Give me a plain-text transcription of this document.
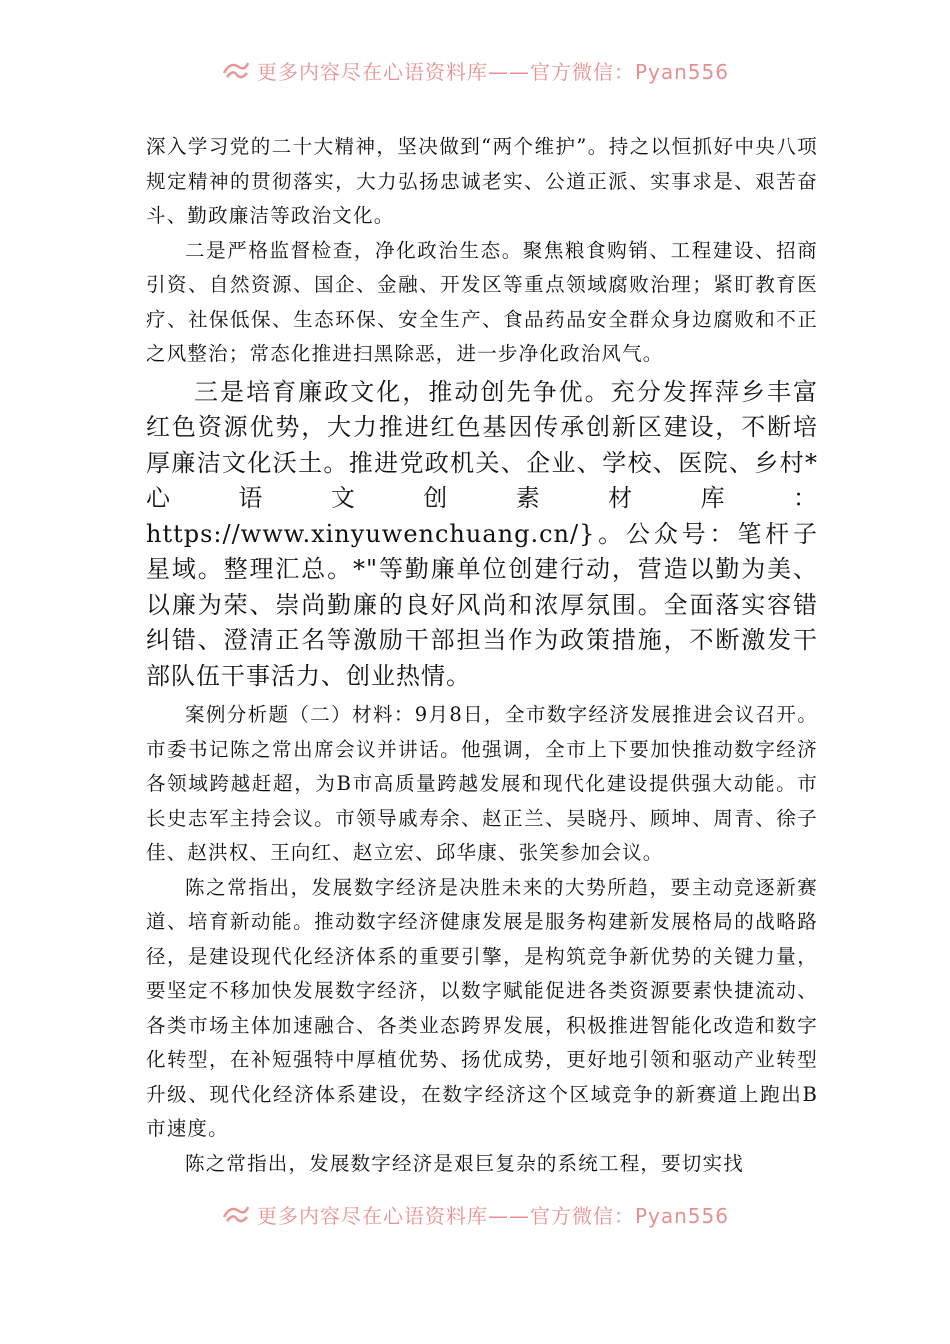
更多内容尽在心语资料库——官方微信：Pyan556

深入学习党的二十大精神，坚决做到“两个维护”。持之以恒抓好中央八项规定精神的贯彻落实，大力弘扬忠诚老实、公道正派、实事求是、艰苦奋斗、勤政廉洁等政治文化。

二是严格监督检查，净化政治生态。聚焦粮食购销、工程建设、招商引资、自然资源、国企、金融、开发区等重点领域腐败治理；紧盯教育医疗、社保低保、生态环保、安全生产、食品药品安全群众身边腐败和不正之风整治；常态化推进扫黑除恶，进一步净化政治风气。

三是培育廉政文化，推动创先争优。充分发挥萍乡丰富红色资源优势，大力推进红色基因传承创新区建设，不断培厚廉洁文化沃土。推进党政机关、企业、学校、医院、乡村*心语文创素材库：https://www.xinyuwenchuang.cn/}。公众号：笔杆子星域。整理汇总。*"等勤廉单位创建行动，营造以勤为美、以廉为荣、崇尚勤廉的良好风尚和浓厚氛围。全面落实容错纠错、澄清正名等激励干部担当作为政策措施，不断激发干部队伍干事活力、创业热情。

案例分析题（二）材料：9月8日，全市数字经济发展推进会议召开。市委书记陈之常出席会议并讲话。他强调，全市上下要加快推动数字经济各领域跨越赶超，为B市高质量跨越发展和现代化建设提供强大动能。市长史志军主持会议。市领导戚寿余、赵正兰、吴晓丹、顾坤、周青、徐子佳、赵洪权、王向红、赵立宏、邱华康、张笑参加会议。

陈之常指出，发展数字经济是决胜未来的大势所趋，要主动竞逐新赛道、培育新动能。推动数字经济健康发展是服务构建新发展格局的战略路径，是建设现代化经济体系的重要引擎，是构筑竞争新优势的关键力量，要坚定不移加快发展数字经济，以数字赋能促进各类资源要素快捷流动、各类市场主体加速融合、各类业态跨界发展，积极推进智能化改造和数字化转型，在补短强特中厚植优势、扬优成势，更好地引领和驱动产业转型升级、现代化经济体系建设，在数字经济这个区域竞争的新赛道上跑出B市速度。

陈之常指出，发展数字经济是艰巨复杂的系统工程，要切实找

更多内容尽在心语资料库——官方微信：Pyan556
